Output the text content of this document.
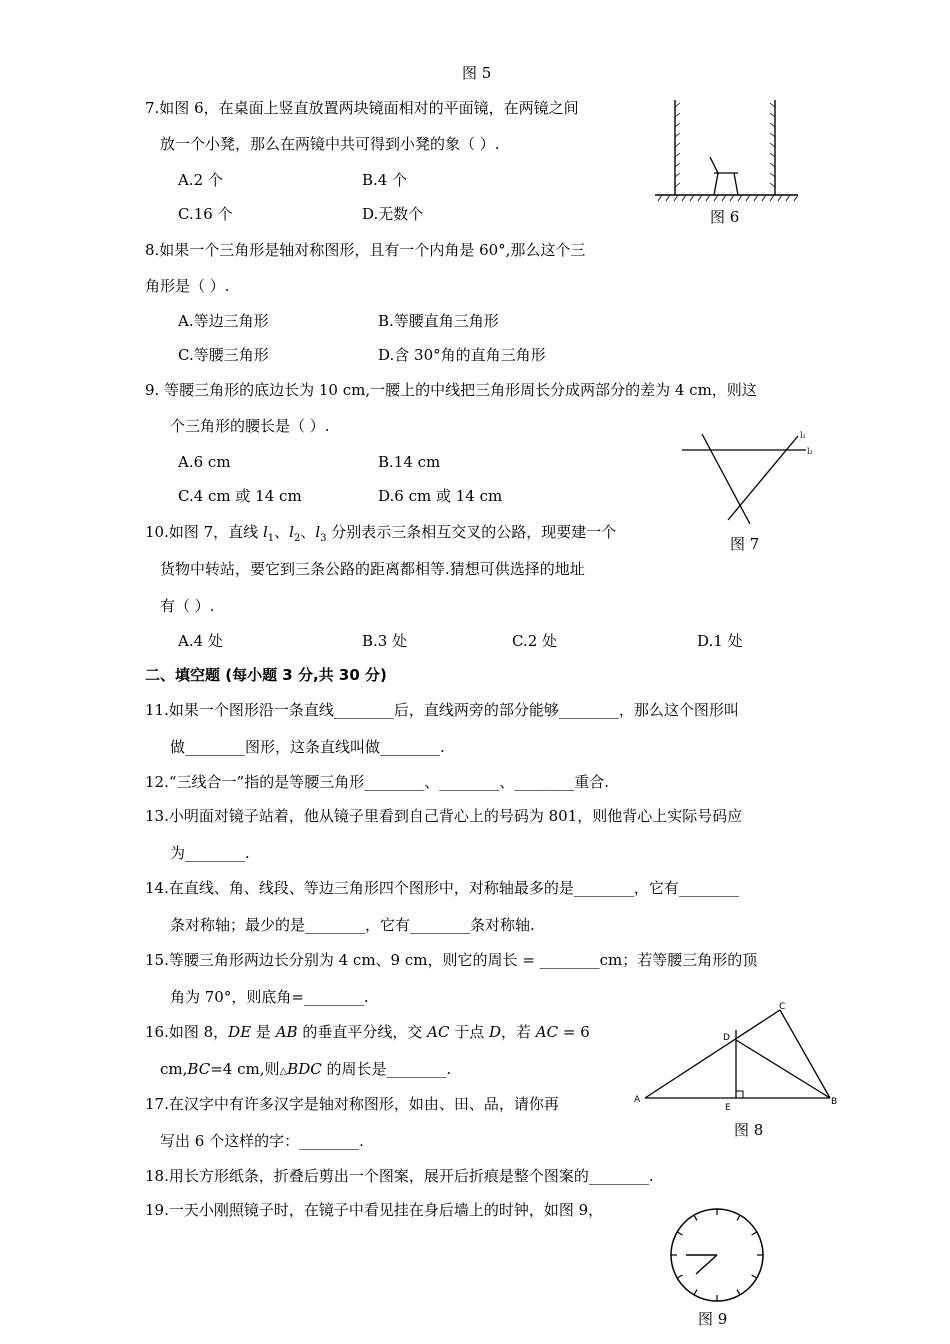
图 5
7.如图 6，在桌面上竖直放置两块镜面相对的平面镜，在两镜之间
放一个小凳，那么在两镜中共可得到小凳的象（ ）.
A.2 个	B.4 个
C.16 个	D.无数个	图 6
8.如果一个三角形是轴对称图形，且有一个内角是 60°,那么这个三
角形是（ ）.
A.等边三角形	B.等腰直角三角形
C.等腰三角形	D.含 30°角的直角三角形
9. 等腰三角形的底边长为 10 cm,一腰上的中线把三角形周长分成两部分的差为 4 cm，则这
个三角形的腰长是（ ）.
A.6 cm	B.14 cm
C.4 cm 或 14 cm	D.6 cm 或 14 cm
l₁
l₂
图 7
10.如图 7，直线 $l_1$、$l_2$、$l_3$ 分别表示三条相互交叉的公路，现要建一个
货物中转站，要它到三条公路的距离都相等.猜想可供选择的地址
有（ ）.
A.4 处	B.3 处	C.2 处	D.1 处
二、填空题 (每小题 3 分,共 30 分)
11.如果一个图形沿一条直线________后，直线两旁的部分能够________，那么这个图形叫
做________图形，这条直线叫做________.
12.“三线合一”指的是等腰三角形________、________、________重合.
13.小明面对镜子站着，他从镜子里看到自己背心上的号码为 801，则他背心上实际号码应
为________.
14.在直线、角、线段、等边三角形四个图形中，对称轴最多的是________，它有________
条对称轴；最少的是________，它有________条对称轴.
15.等腰三角形两边长分别为 4 cm、9 cm，则它的周长 = ________cm；若等腰三角形的顶
角为 70°，则底角=________.
16.如图 8，DE 是 AB 的垂直平分线，交 AC 于点 D，若 AC = 6
cm,BC=4 cm,则△BDC 的周长是________.
A	B
C
D
E
图 8
17.在汉字中有许多汉字是轴对称图形，如由、田、品，请你再
写出 6 个这样的字：________.
18.用长方形纸条，折叠后剪出一个图案，展开后折痕是整个图案的________.
19.一天小刚照镜子时，在镜子中看见挂在身后墙上的时钟，如图 9，
图 9
